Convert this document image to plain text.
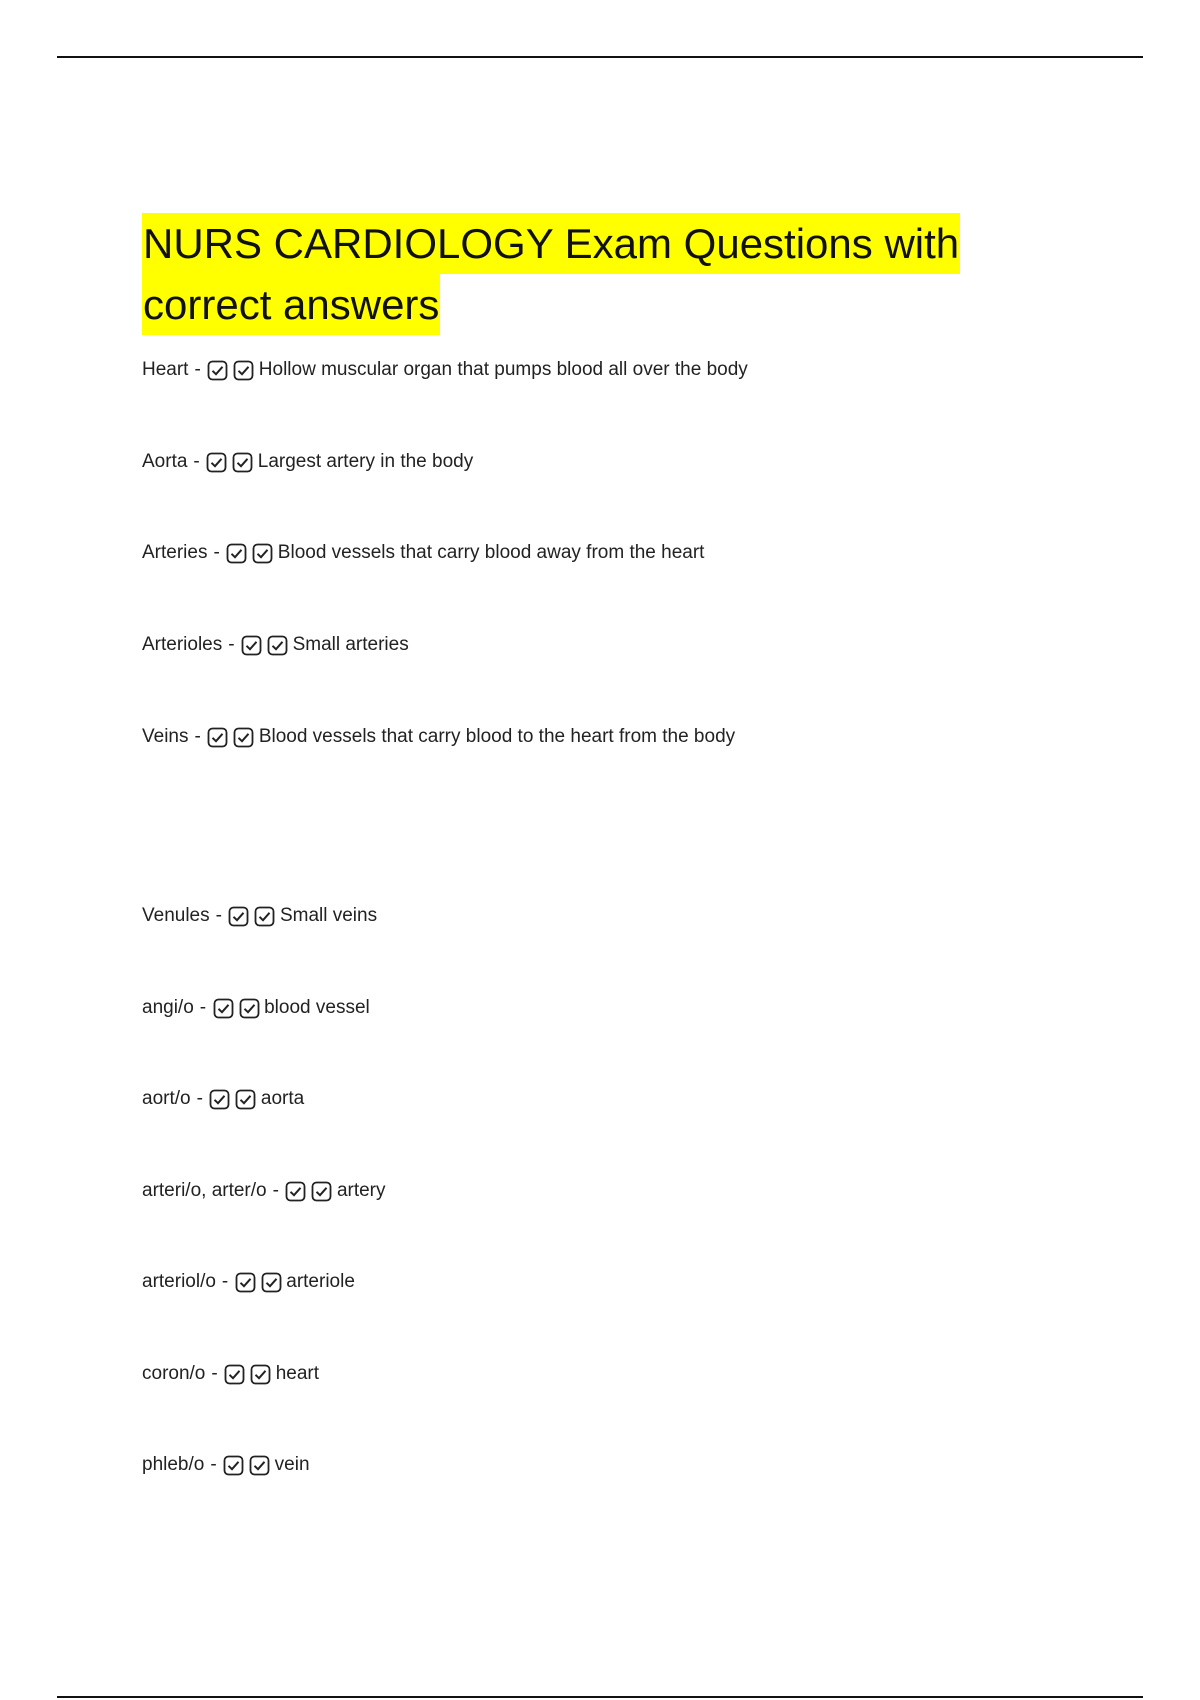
NURS CARDIOLOGY Exam Questions with
correct answers
Heart -	Hollow muscular organ that pumps blood all over the body
Aorta -	Largest artery in the body
Arteries -	Blood vessels that carry blood away from the heart
Arterioles -	Small arteries
Veins -	Blood vessels that carry blood to the heart from the body
Venules -	Small veins
angi/o -	blood vessel
aort/o -	aorta
arteri/o, arter/o -	artery
arteriol/o -	arteriole
coron/o -	heart
phleb/o -	vein
